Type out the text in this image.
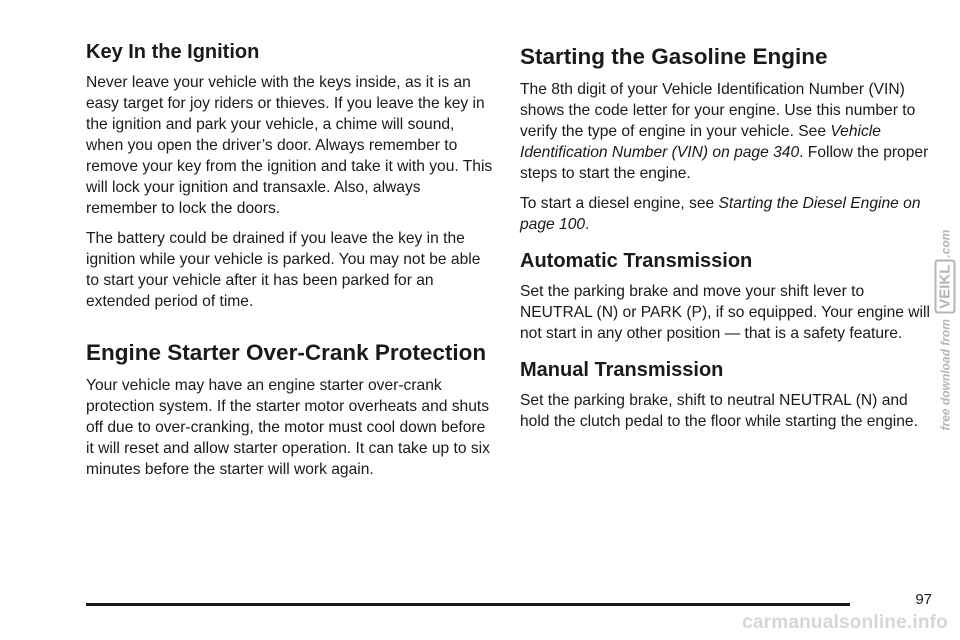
Key In the Ignition

Never leave your vehicle with the keys inside, as it is an easy target for joy riders or thieves. If you leave the key in the ignition and park your vehicle, a chime will sound, when you open the driver’s door. Always remember to remove your key from the ignition and take it with you. This will lock your ignition and transaxle. Also, always remember to lock the doors.

The battery could be drained if you leave the key in the ignition while your vehicle is parked. You may not be able to start your vehicle after it has been parked for an extended period of time.

Engine Starter Over-Crank Protection

Your vehicle may have an engine starter over-crank protection system. If the starter motor overheats and shuts off due to over-cranking, the motor must cool down before it will reset and allow starter operation. It can take up to six minutes before the starter will work again.

Starting the Gasoline Engine

The 8th digit of your Vehicle Identification Number (VIN) shows the code letter for your engine. Use this number to verify the type of engine in your vehicle. See Vehicle Identification Number (VIN) on page 340. Follow the proper steps to start the engine.

To start a diesel engine, see Starting the Diesel Engine on page 100.

Automatic Transmission

Set the parking brake and move your shift lever to NEUTRAL (N) or PARK (P), if so equipped. Your engine will not start in any other position — that is a safety feature.

Manual Transmission

Set the parking brake, shift to neutral NEUTRAL (N) and hold the clutch pedal to the floor while starting the engine.

97
carmanualsonline.info
free download from VEIKL.com
